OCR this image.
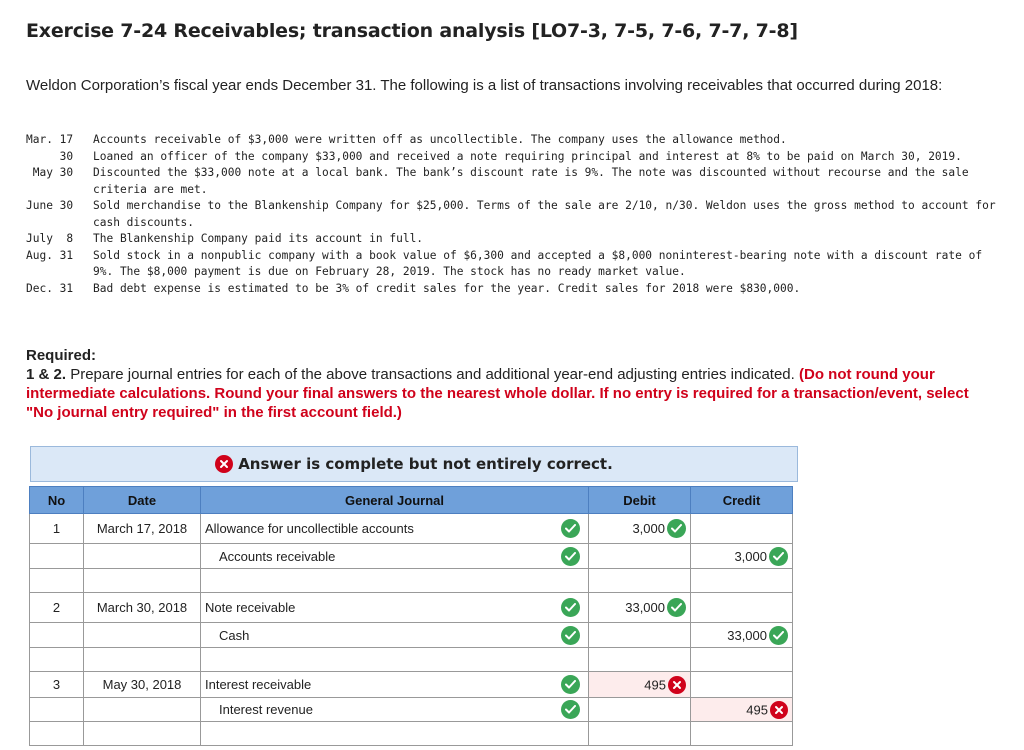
Exercise 7-24 Receivables; transaction analysis [LO7-3, 7-5, 7-6, 7-7, 7-8]

Weldon Corporation’s fiscal year ends December 31. The following is a list of transactions involving receivables that occurred during 2018:

Mar. 17	Accounts receivable of $3,000 were written off as uncollectible. The company uses the allowance method.
30	Loaned an officer of the company $33,000 and received a note requiring principal and interest at 8% to be paid on March 30, 2019.
May 30	Discounted the $33,000 note at a local bank. The bank’s discount rate is 9%. The note was discounted without recourse and the sale criteria are met.
June 30	Sold merchandise to the Blankenship Company for $25,000. Terms of the sale are 2/10, n/30. Weldon uses the gross method to account for cash discounts.
July  8	The Blankenship Company paid its account in full.
Aug. 31	Sold stock in a nonpublic company with a book value of $6,300 and accepted a $8,000 noninterest-bearing note with a discount rate of 9%. The $8,000 payment is due on February 28, 2019. The stock has no ready market value.
Dec. 31	Bad debt expense is estimated to be 3% of credit sales for the year. Credit sales for 2018 were $830,000.
Required:
1 & 2. Prepare journal entries for each of the above transactions and additional year-end adjusting entries indicated. (Do not round your intermediate calculations. Round your final answers to the nearest whole dollar. If no entry is required for a transaction/event, select "No journal entry required" in the first account field.)
Answer is complete but not entirely correct.
No	Date	General Journal	Debit	Credit
1	March 17, 2018	Allowance for uncollectible accounts	3,000

		Accounts receivable		3,000

2	March 30, 2018	Note receivable	33,000

		Cash		33,000

3	May 30, 2018	Interest receivable	495

		Interest revenue		495
